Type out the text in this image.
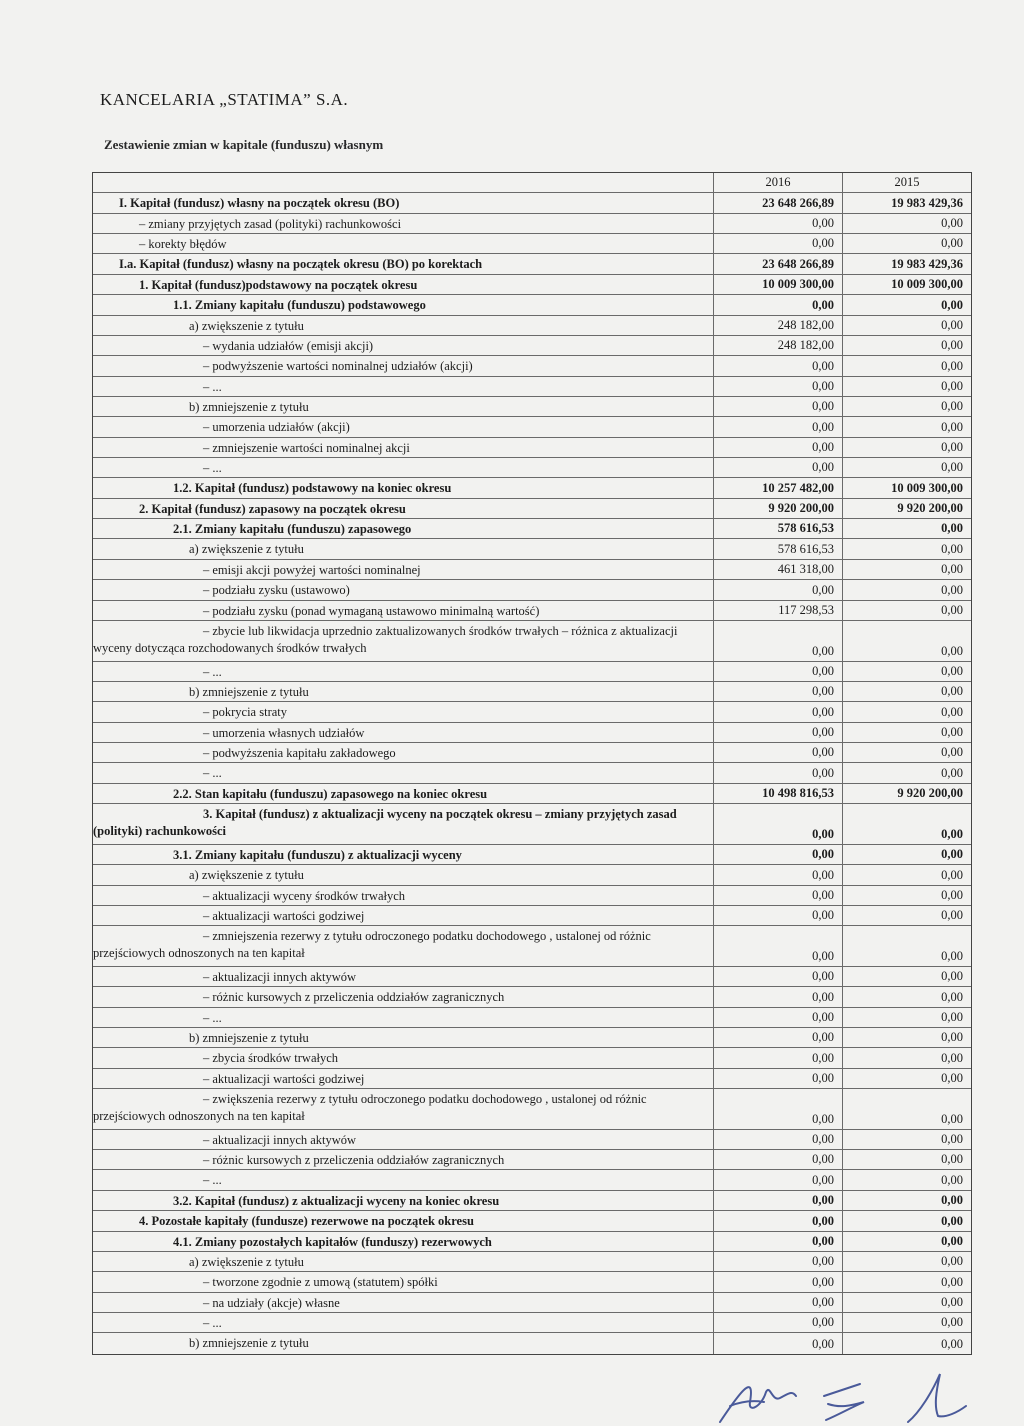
KANCELARIA „STATIMA” S.A.
Zestawienie zmian w kapitale (funduszu) własnym
2016	2015
I. Kapitał (fundusz) własny na początek okresu (BO)	23 648 266,89	19 983 429,36
– zmiany przyjętych zasad (polityki) rachunkowości	0,00	0,00
– korekty błędów	0,00	0,00
I.a. Kapitał (fundusz) własny na początek okresu (BO) po korektach	23 648 266,89	19 983 429,36
1. Kapitał (fundusz)podstawowy na początek okresu	10 009 300,00	10 009 300,00
1.1. Zmiany kapitału (funduszu) podstawowego	0,00	0,00
a) zwiększenie z tytułu	248 182,00	0,00
– wydania udziałów (emisji akcji)	248 182,00	0,00
– podwyższenie wartości nominalnej udziałów (akcji)	0,00	0,00
– ...	0,00	0,00
b) zmniejszenie z tytułu	0,00	0,00
– umorzenia udziałów (akcji)	0,00	0,00
– zmniejszenie wartości nominalnej akcji	0,00	0,00
– ...	0,00	0,00
1.2. Kapitał (fundusz) podstawowy na koniec okresu	10 257 482,00	10 009 300,00
2. Kapitał (fundusz) zapasowy na początek okresu	9 920 200,00	9 920 200,00
2.1. Zmiany kapitału (funduszu) zapasowego	578 616,53	0,00
a) zwiększenie z tytułu	578 616,53	0,00
– emisji akcji powyżej wartości nominalnej	461 318,00	0,00
– podziału zysku (ustawowo)	0,00	0,00
– podziału zysku (ponad wymaganą ustawowo minimalną wartość)	117 298,53	0,00
– zbycie lub likwidacja uprzednio zaktualizowanych środków trwałych – różnica z aktualizacji wyceny dotycząca rozchodowanych środków trwałych	0,00	0,00
– ...	0,00	0,00
b) zmniejszenie z tytułu	0,00	0,00
– pokrycia straty	0,00	0,00
– umorzenia własnych udziałów	0,00	0,00
– podwyższenia kapitału zakładowego	0,00	0,00
– ...	0,00	0,00
2.2. Stan kapitału (funduszu) zapasowego na koniec okresu	10 498 816,53	9 920 200,00
3. Kapitał (fundusz) z aktualizacji wyceny na początek okresu – zmiany przyjętych zasad (polityki) rachunkowości	0,00	0,00
3.1. Zmiany kapitału (funduszu) z aktualizacji wyceny	0,00	0,00
a) zwiększenie z tytułu	0,00	0,00
– aktualizacji wyceny środków trwałych	0,00	0,00
– aktualizacji wartości godziwej	0,00	0,00
– zmniejszenia rezerwy z tytułu odroczonego podatku dochodowego , ustalonej od różnic przejściowych odnoszonych na ten kapitał	0,00	0,00
– aktualizacji innych aktywów	0,00	0,00
– różnic kursowych z przeliczenia oddziałów zagranicznych	0,00	0,00
– ...	0,00	0,00
b) zmniejszenie z tytułu	0,00	0,00
– zbycia środków trwałych	0,00	0,00
– aktualizacji wartości godziwej	0,00	0,00
– zwiększenia rezerwy z tytułu odroczonego podatku dochodowego , ustalonej od różnic przejściowych odnoszonych na ten kapitał	0,00	0,00
– aktualizacji innych aktywów	0,00	0,00
– różnic kursowych z przeliczenia oddziałów zagranicznych	0,00	0,00
– ...	0,00	0,00
3.2. Kapitał (fundusz) z aktualizacji wyceny na koniec okresu	0,00	0,00
4. Pozostałe kapitały (fundusze) rezerwowe na początek okresu	0,00	0,00
4.1. Zmiany pozostałych kapitałów (funduszy) rezerwowych	0,00	0,00
a) zwiększenie z tytułu	0,00	0,00
– tworzone zgodnie z umową (statutem) spółki	0,00	0,00
– na udziały (akcje) własne	0,00	0,00
– ...	0,00	0,00
b) zmniejszenie z tytułu	0,00	0,00
